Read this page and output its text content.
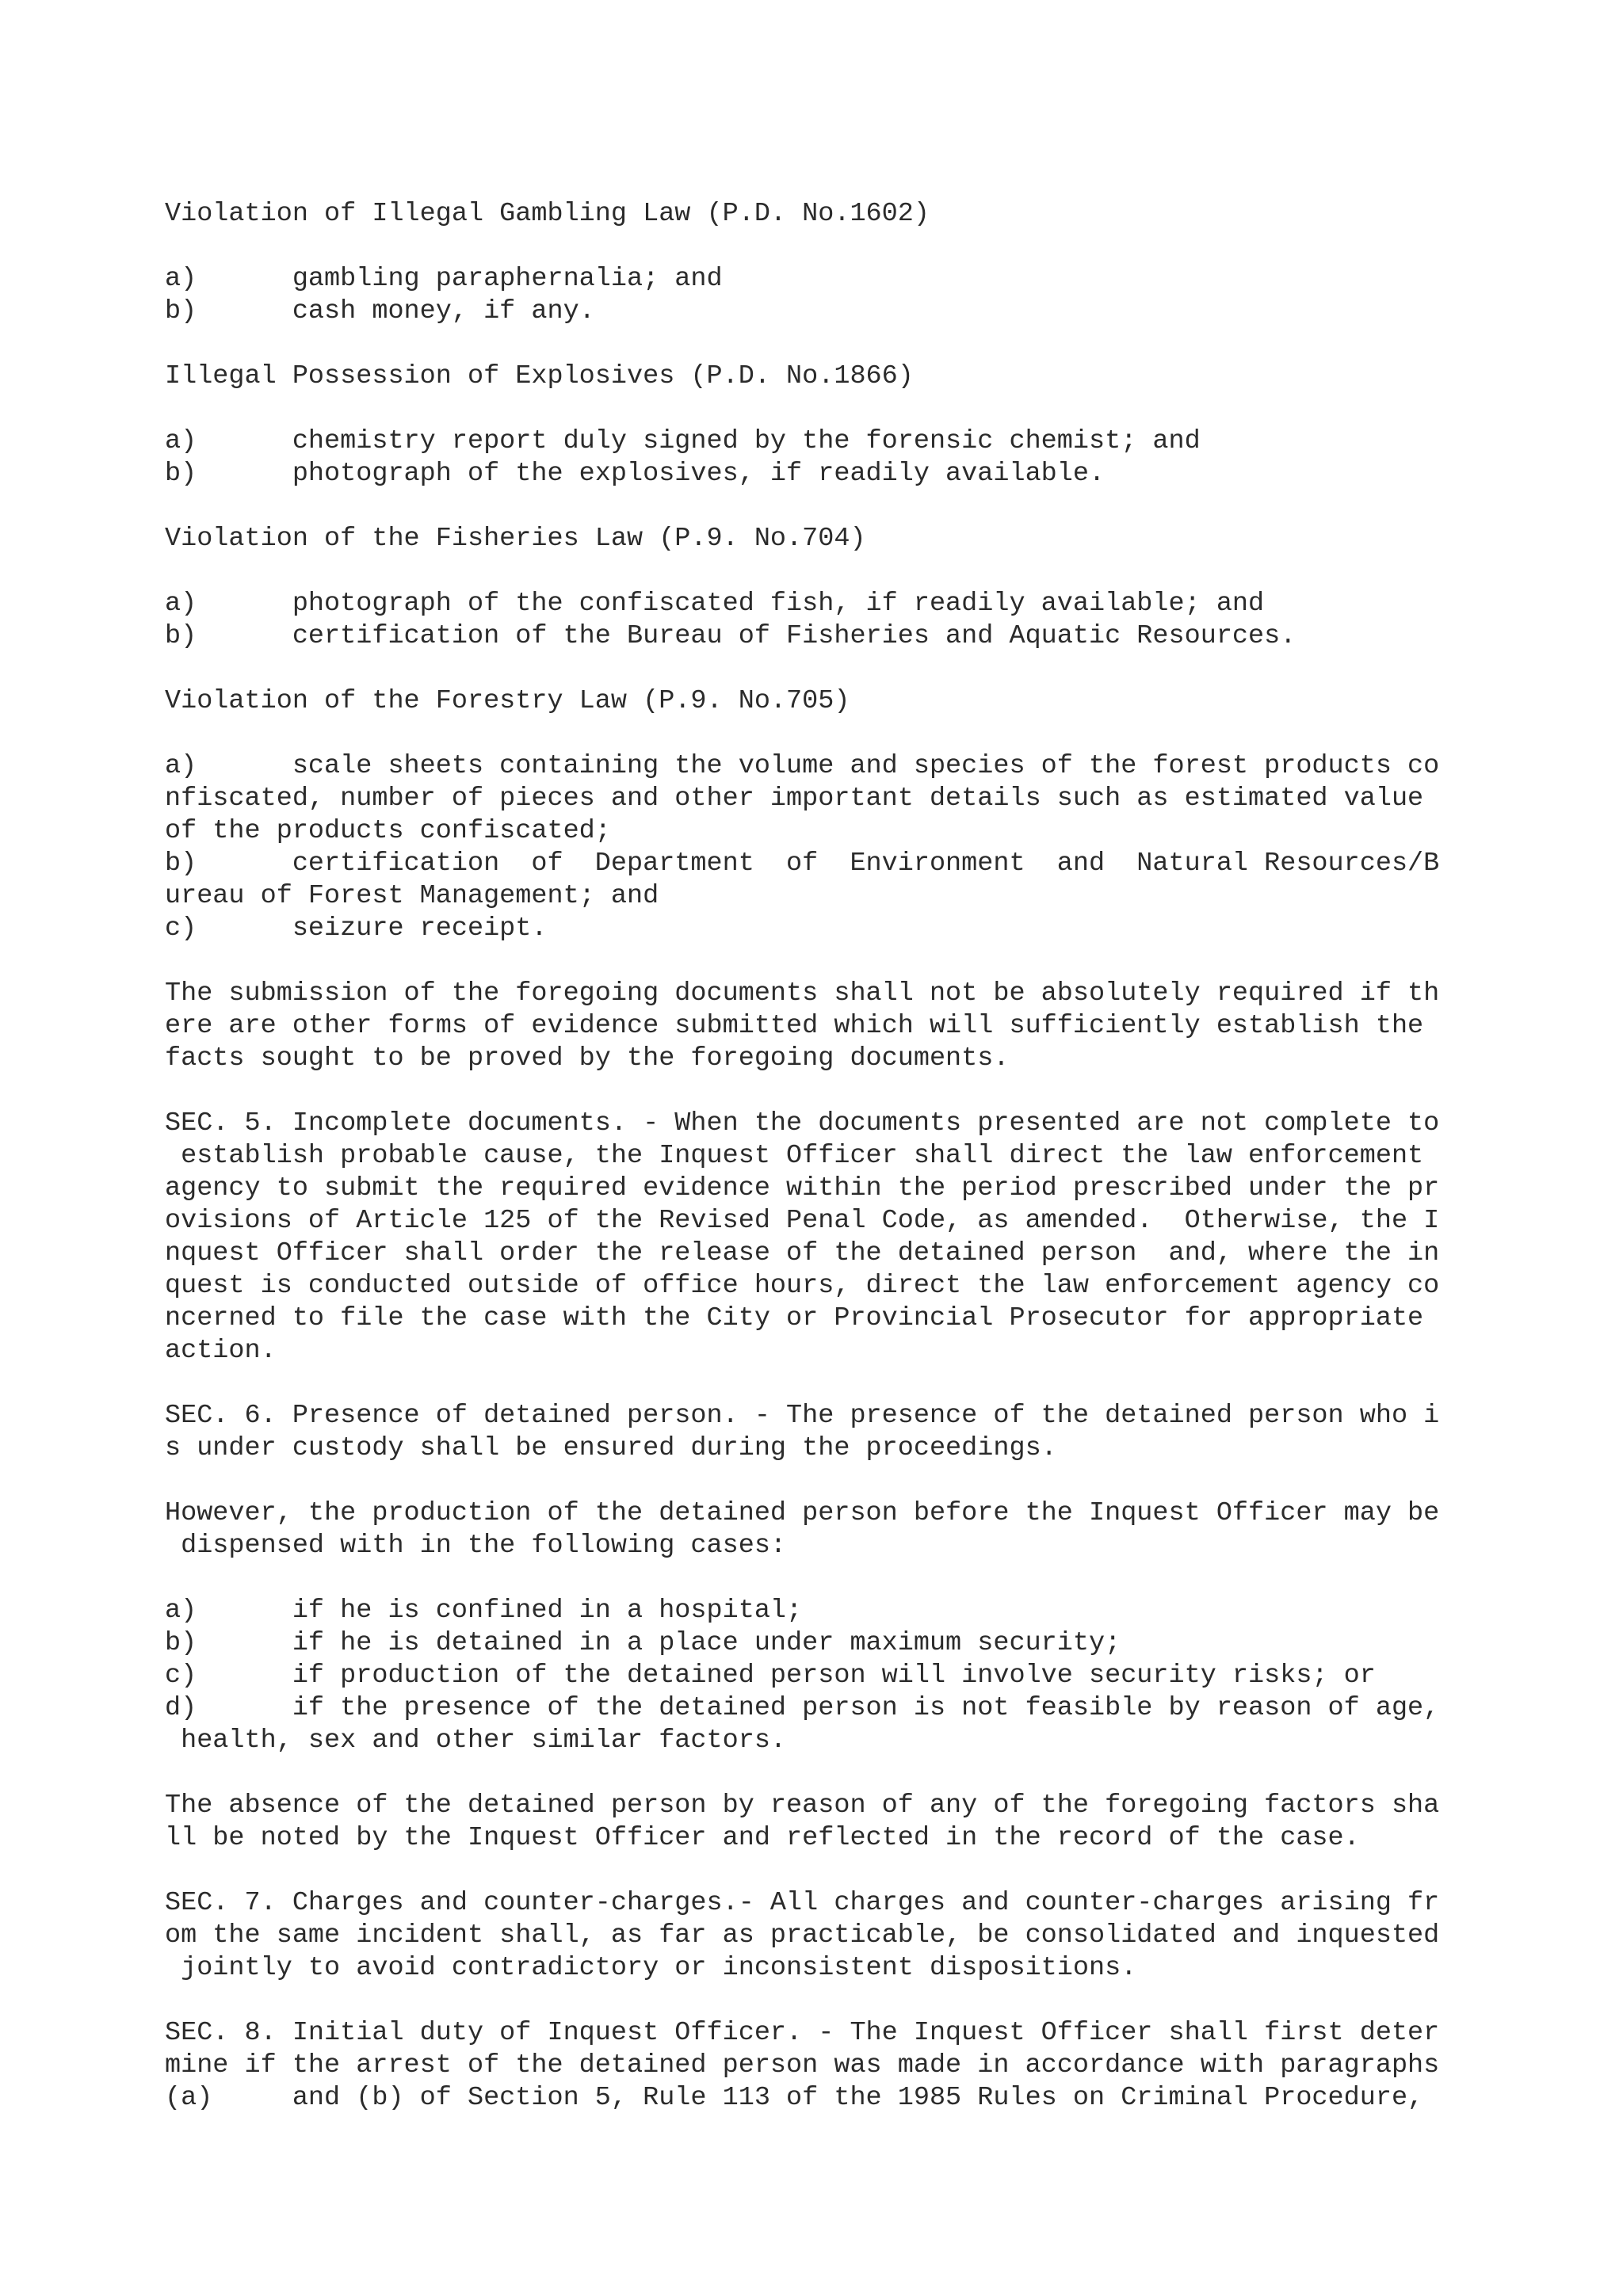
Violation of Illegal Gambling Law (P.D. No.1602)
a)      gambling paraphernalia; and
b)      cash money, if any.
Illegal Possession of Explosives (P.D. No.1866)
a)      chemistry report duly signed by the forensic chemist; and
b)      photograph of the explosives, if readily available.
Violation of the Fisheries Law (P.9. No.704)
a)      photograph of the confiscated fish, if readily available; and
b)      certification of the Bureau of Fisheries and Aquatic Resources.
Violation of the Forestry Law (P.9. No.705)
a)      scale sheets containing the volume and species of the forest products co
nfiscated, number of pieces and other important details such as estimated value
of the products confiscated;
b)      certification  of  Department  of  Environment  and  Natural Resources/B
ureau of Forest Management; and
c)      seizure receipt.
The submission of the foregoing documents shall not be absolutely required if th
ere are other forms of evidence submitted which will sufficiently establish the
facts sought to be proved by the foregoing documents.
SEC. 5. Incomplete documents. - When the documents presented are not complete to
establish probable cause, the Inquest Officer shall direct the law enforcement
agency to submit the required evidence within the period prescribed under the pr
ovisions of Article 125 of the Revised Penal Code, as amended.  Otherwise, the I
nquest Officer shall order the release of the detained person  and, where the in
quest is conducted outside of office hours, direct the law enforcement agency co
ncerned to file the case with the City or Provincial Prosecutor for appropriate
action.
SEC. 6. Presence of detained person. - The presence of the detained person who i
s under custody shall be ensured during the proceedings.
However, the production of the detained person before the Inquest Officer may be
dispensed with in the following cases:
a)      if he is confined in a hospital;
b)      if he is detained in a place under maximum security;
c)      if production of the detained person will involve security risks; or
d)      if the presence of the detained person is not feasible by reason of age,
health, sex and other similar factors.
The absence of the detained person by reason of any of the foregoing factors sha
ll be noted by the Inquest Officer and reflected in the record of the case.
SEC. 7. Charges and counter-charges.- All charges and counter-charges arising fr
om the same incident shall, as far as practicable, be consolidated and inquested
jointly to avoid contradictory or inconsistent dispositions.
SEC. 8. Initial duty of Inquest Officer. - The Inquest Officer shall first deter
mine if the arrest of the detained person was made in accordance with paragraphs
(a)     and (b) of Section 5, Rule 113 of the 1985 Rules on Criminal Procedure,
